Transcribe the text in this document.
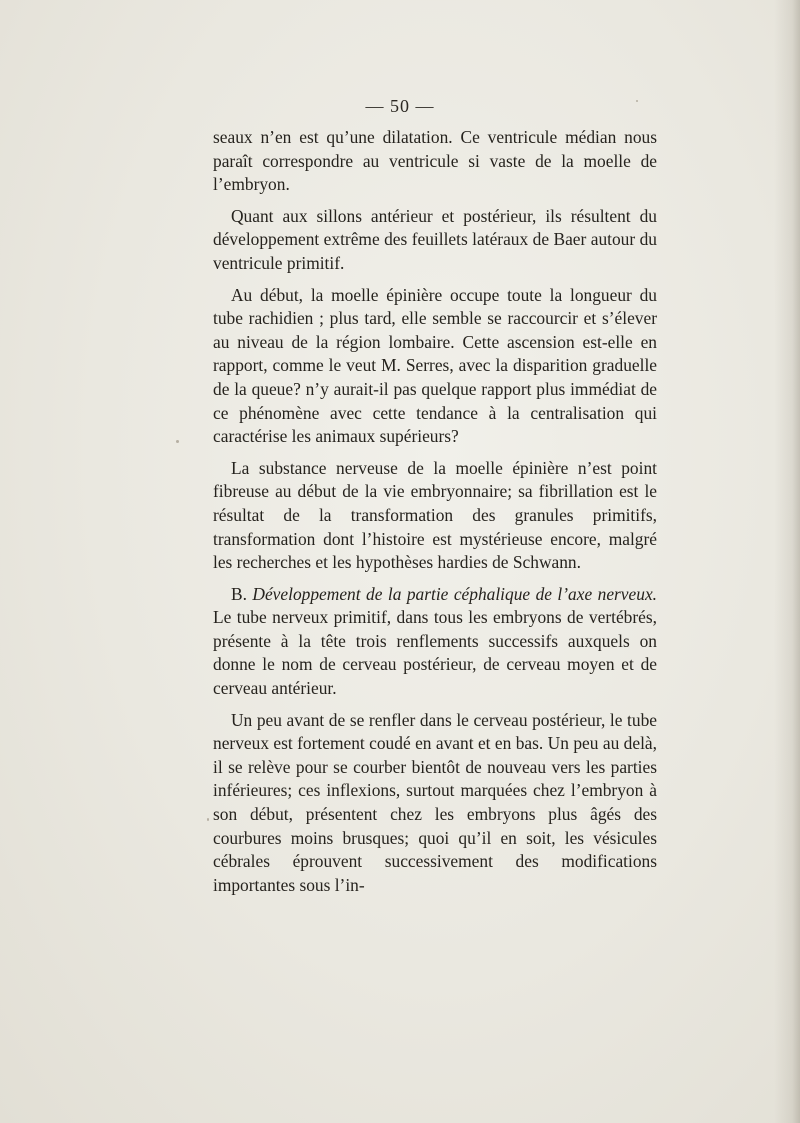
— 50 —

seaux n’en est qu’une dilatation. Ce ventricule médian nous paraît correspondre au ventricule si vaste de la moelle de l’embryon.

Quant aux sillons antérieur et postérieur, ils résultent du développement extrême des feuillets latéraux de Baer autour du ventricule primitif.

Au début, la moelle épinière occupe toute la longueur du tube rachidien ; plus tard, elle semble se raccourcir et s’élever au niveau de la région lombaire. Cette ascension est-elle en rapport, comme le veut M. Serres, avec la disparition graduelle de la queue? n’y aurait-il pas quelque rapport plus immédiat de ce phénomène avec cette tendance à la centralisation qui caractérise les animaux supérieurs?

La substance nerveuse de la moelle épinière n’est point fibreuse au début de la vie embryonnaire; sa fibrillation est le résultat de la transformation des granules primitifs, transformation dont l’histoire est mystérieuse encore, malgré les recherches et les hypothèses hardies de Schwann.

B. Développement de la partie céphalique de l’axe nerveux. Le tube nerveux primitif, dans tous les embryons de vertébrés, présente à la tête trois renflements successifs auxquels on donne le nom de cerveau postérieur, de cerveau moyen et de cerveau antérieur.

Un peu avant de se renfler dans le cerveau postérieur, le tube nerveux est fortement coudé en avant et en bas. Un peu au delà, il se relève pour se courber bientôt de nouveau vers les parties inférieures; ces inflexions, surtout marquées chez l’embryon à son début, présentent chez les embryons plus âgés des courbures moins brusques; quoi qu’il en soit, les vésicules cébrales éprouvent successivement des modifications importantes sous l’in-
